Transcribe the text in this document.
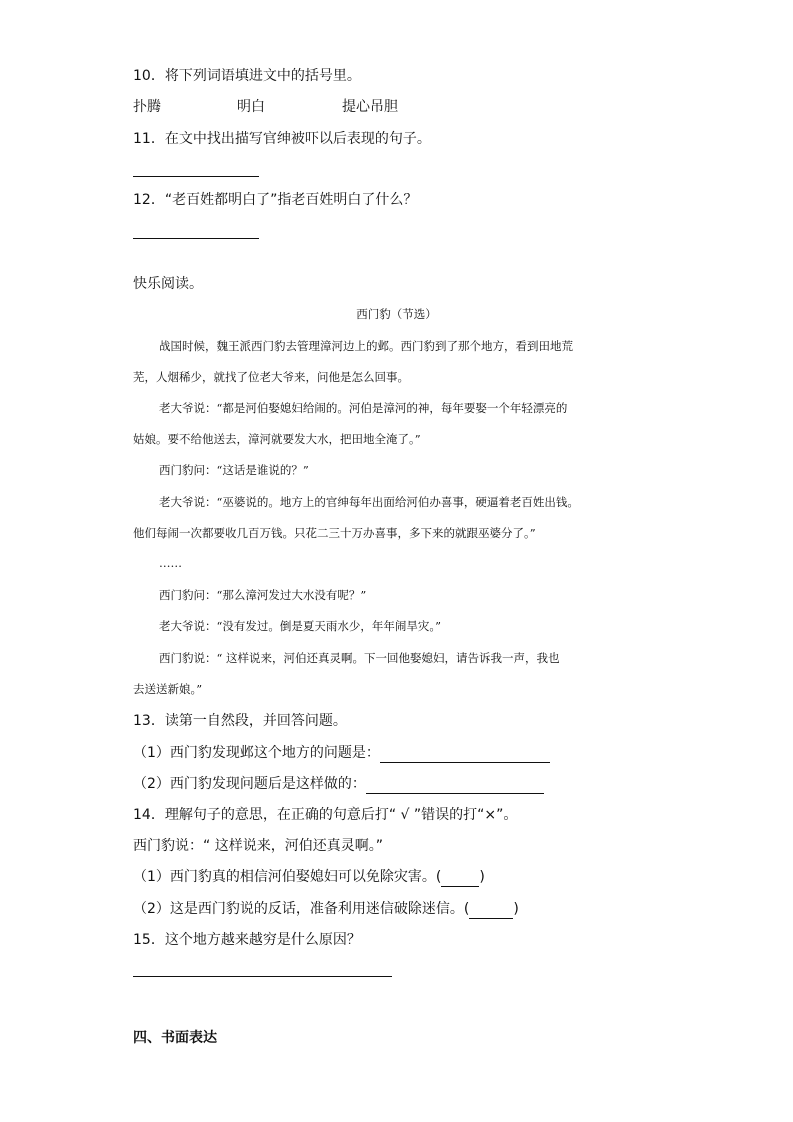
10．将下列词语填进文中的括号里。
扑腾	明白	提心吊胆
11．在文中找出描写官绅被吓以后表现的句子。
12．“老百姓都明白了”指老百姓明白了什么？
快乐阅读。
西门豹（节选）
战国时候，魏王派西门豹去管理漳河边上的邺。西门豹到了那个地方，看到田地荒
芜，人烟稀少，就找了位老大爷来，问他是怎么回事。
老大爷说：“都是河伯娶媳妇给闹的。河伯是漳河的神，每年要娶一个年轻漂亮的
姑娘。要不给他送去，漳河就要发大水，把田地全淹了。”
西门豹问：“这话是谁说的？”
老大爷说：“巫婆说的。地方上的官绅每年出面给河伯办喜事，硬逼着老百姓出钱。
他们每闹一次都要收几百万钱。只花二三十万办喜事，多下来的就跟巫婆分了。”
……
西门豹问：“那么漳河发过大水没有呢？”
老大爷说：“没有发过。倒是夏天雨水少，年年闹旱灾。”
西门豹说：“ 这样说来，河伯还真灵啊。下一回他娶媳妇，请告诉我一声，我也
去送送新娘。”
13．读第一自然段，并回答问题。
（1）西门豹发现邺这个地方的问题是：
（2）西门豹发现问题后是这样做的：
14．理解句子的意思，在正确的句意后打“ √ ”错误的打“×”。
西门豹说：“ 这样说来，河伯还真灵啊。”
（1）西门豹真的相信河伯娶媳妇可以免除灾害。(	)
（2）这是西门豹说的反话，准备利用迷信破除迷信。(	)
15．这个地方越来越穷是什么原因？
四、书面表达
